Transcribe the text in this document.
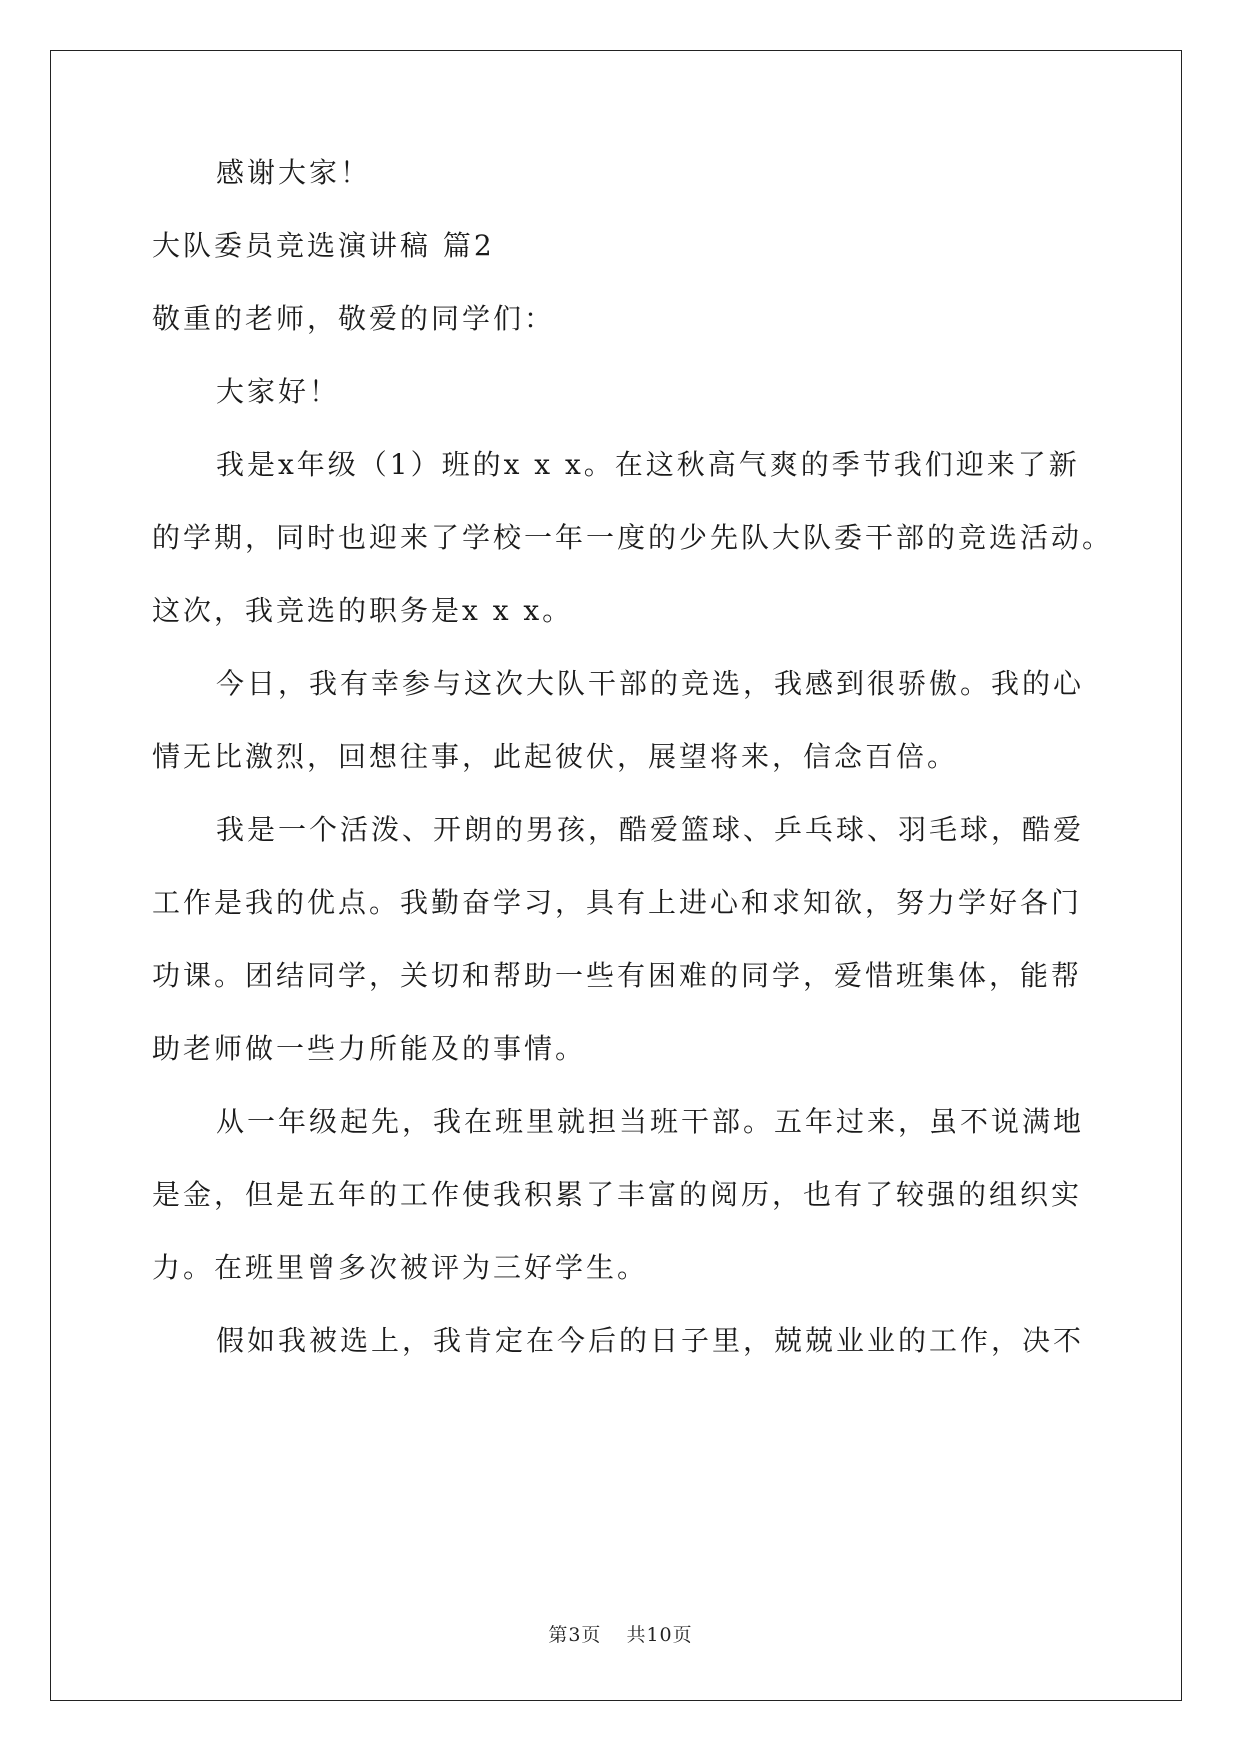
感谢大家！
大队委员竞选演讲稿 篇2
敬重的老师，敬爱的同学们：
大家好！
我是x年级（1）班的x x x。在这秋高气爽的季节我们迎来了新
的学期，同时也迎来了学校一年一度的少先队大队委干部的竞选活动。
这次，我竞选的职务是x x x。
今日，我有幸参与这次大队干部的竞选，我感到很骄傲。我的心
情无比激烈，回想往事，此起彼伏，展望将来，信念百倍。
我是一个活泼、开朗的男孩，酷爱篮球、乒乓球、羽毛球，酷爱
工作是我的优点。我勤奋学习，具有上进心和求知欲，努力学好各门
功课。团结同学，关切和帮助一些有困难的同学，爱惜班集体，能帮
助老师做一些力所能及的事情。
从一年级起先，我在班里就担当班干部。五年过来，虽不说满地
是金，但是五年的工作使我积累了丰富的阅历，也有了较强的组织实
力。在班里曾多次被评为三好学生。
假如我被选上，我肯定在今后的日子里，兢兢业业的工作，决不
第3页 共10页
